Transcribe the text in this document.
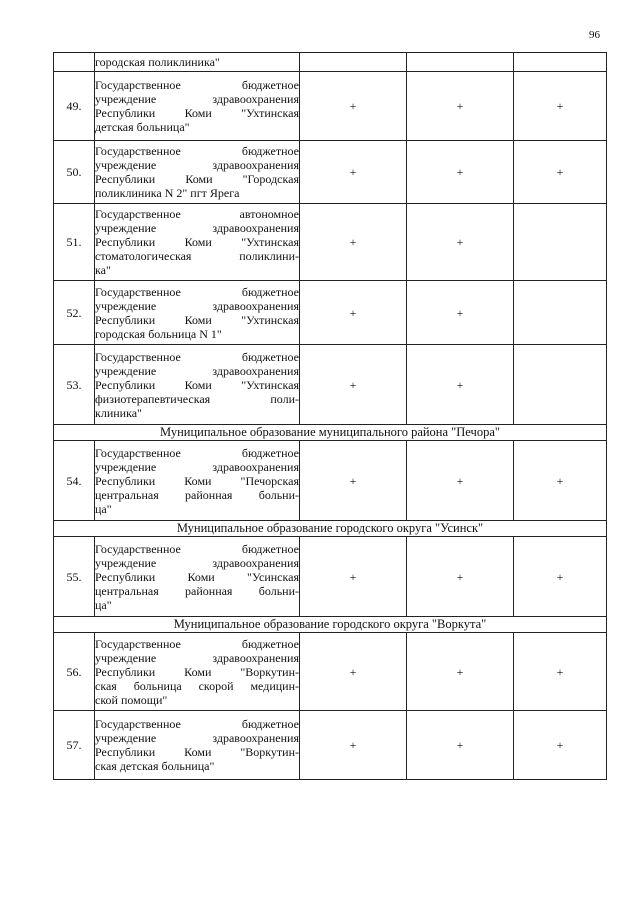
96

	городская поликлиника"			

49.	Государственное бюджетное
учреждение здравоохранения
Республики Коми "Ухтинская
детская больница"	+	+	+
50.	Государственное бюджетное
учреждение здравоохранения
Республики Коми "Городская
поликлиника N 2" пгт Ярега	+	+	+
51.	Государственное автономное
учреждение здравоохранения
Республики Коми "Ухтинская
стоматологическая поликлини-
ка"	+	+	
52.	Государственное бюджетное
учреждение здравоохранения
Республики Коми "Ухтинская
городская больница N 1"	+	+	
53.	Государственное бюджетное
учреждение здравоохранения
Республики Коми "Ухтинская
физиотерапевтическая поли-
клиника"	+	+	
Муниципальное образование муниципального района "Печора"				
54.	Государственное бюджетное
учреждение здравоохранения
Республики Коми "Печорская
центральная районная больни-
ца"	+	+	+
Муниципальное образование городского округа "Усинск"				
55.	Государственное бюджетное
учреждение здравоохранения
Республики Коми "Усинская
центральная районная больни-
ца"	+	+	+
Муниципальное образование городского округа "Воркута"				
56.	Государственное бюджетное
учреждение здравоохранения
Республики Коми "Воркутин-
ская больница скорой медицин-
ской помощи"	+	+	+
57.	Государственное бюджетное
учреждение здравоохранения
Республики Коми "Воркутин-
ская детская больница"	+	+	+
